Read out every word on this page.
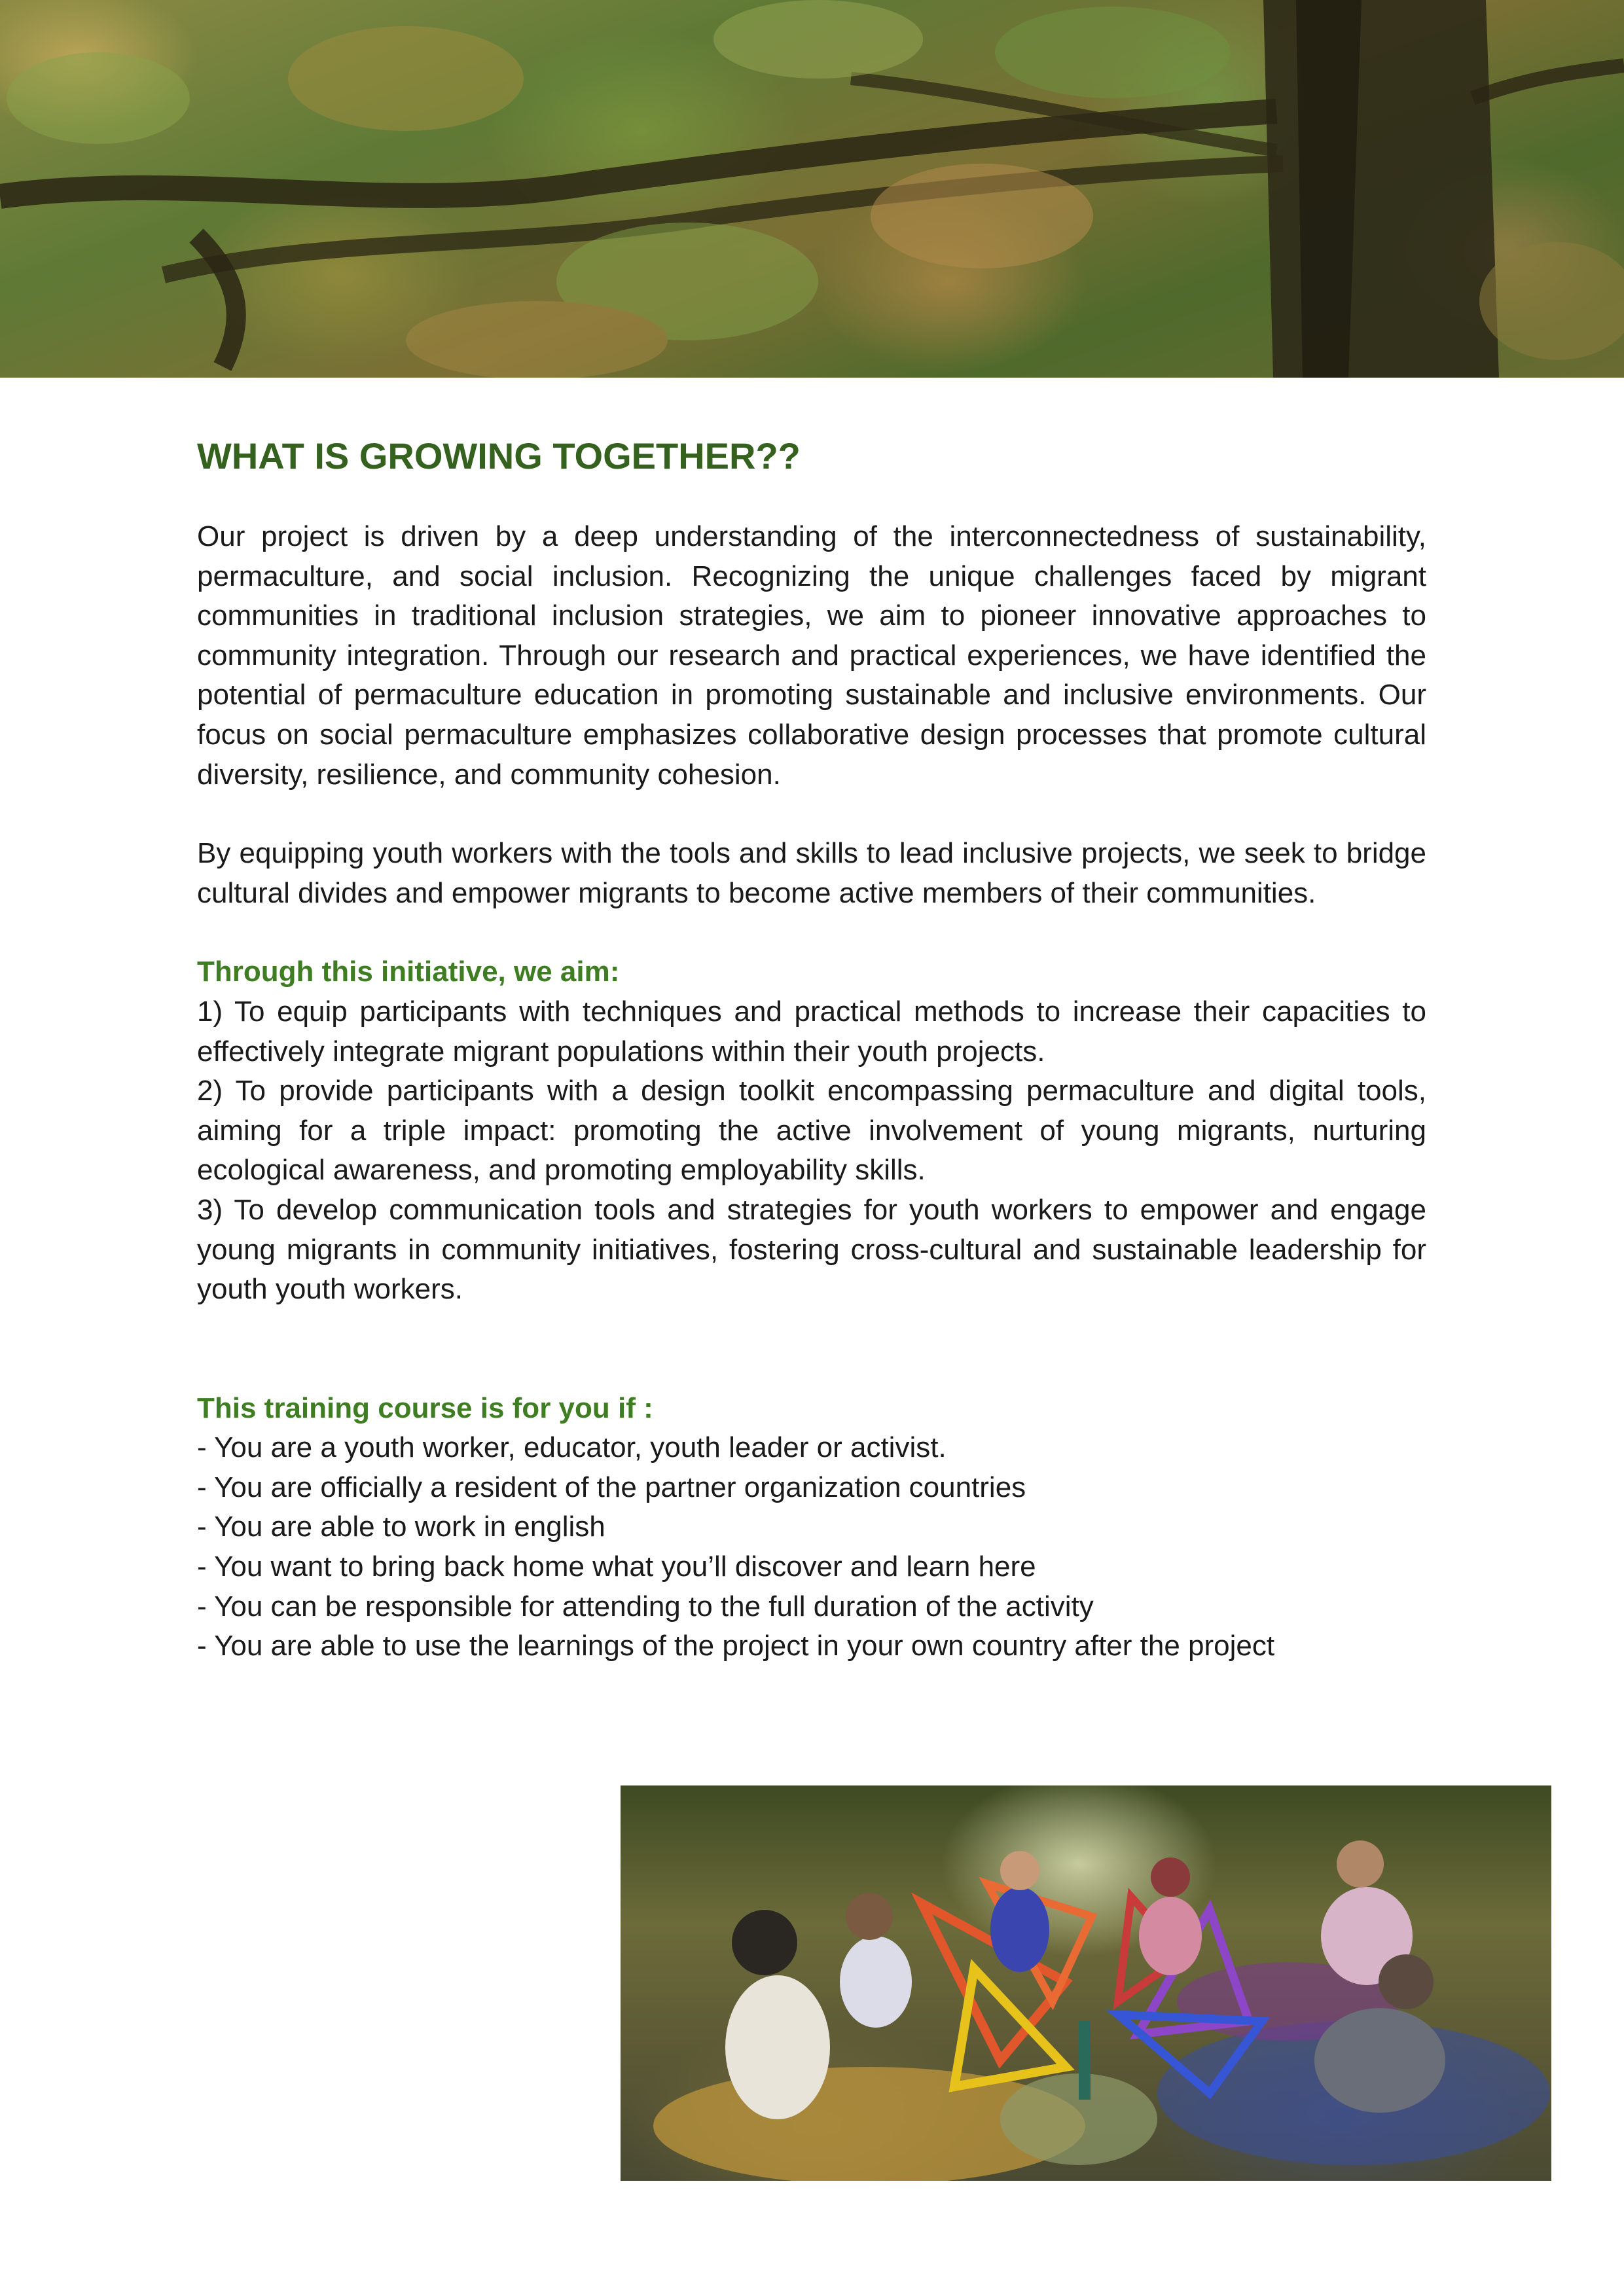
WHAT IS GROWING TOGETHER??

Our project is driven by a deep understanding of the interconnectedness of sustainability, permaculture, and social inclusion. Recognizing the unique challenges faced by migrant communities in traditional inclusion strategies, we aim to pioneer innovative approaches to community integration. Through our research and practical experiences, we have identified the potential of permaculture education in promoting sustainable and inclusive environments. Our focus on social permaculture emphasizes collaborative design processes that promote cultural diversity, resilience, and community cohesion.

By equipping youth workers with the tools and skills to lead inclusive projects, we seek to bridge cultural divides and empower migrants to become active members of their communities.

Through this initiative, we aim:
1) To equip participants with techniques and practical methods to increase their capacities to effectively integrate migrant populations within their youth projects.
2) To provide participants with a design toolkit encompassing permaculture and digital tools, aiming for a triple impact: promoting the active involvement of young migrants, nurturing ecological awareness, and promoting employability skills.
3) To develop communication tools and strategies for youth workers to empower and engage young migrants in community initiatives, fostering cross-cultural and sustainable leadership for youth youth workers.
This training course is for you if :
- You are a youth worker, educator, youth leader or activist.
- You are officially a resident of the partner organization countries
- You are able to work in english
- You want to bring back home what you’ll discover and learn here
- You can be responsible for attending to the full duration of the activity
- You are able to use the learnings of the project in your own country after the project
